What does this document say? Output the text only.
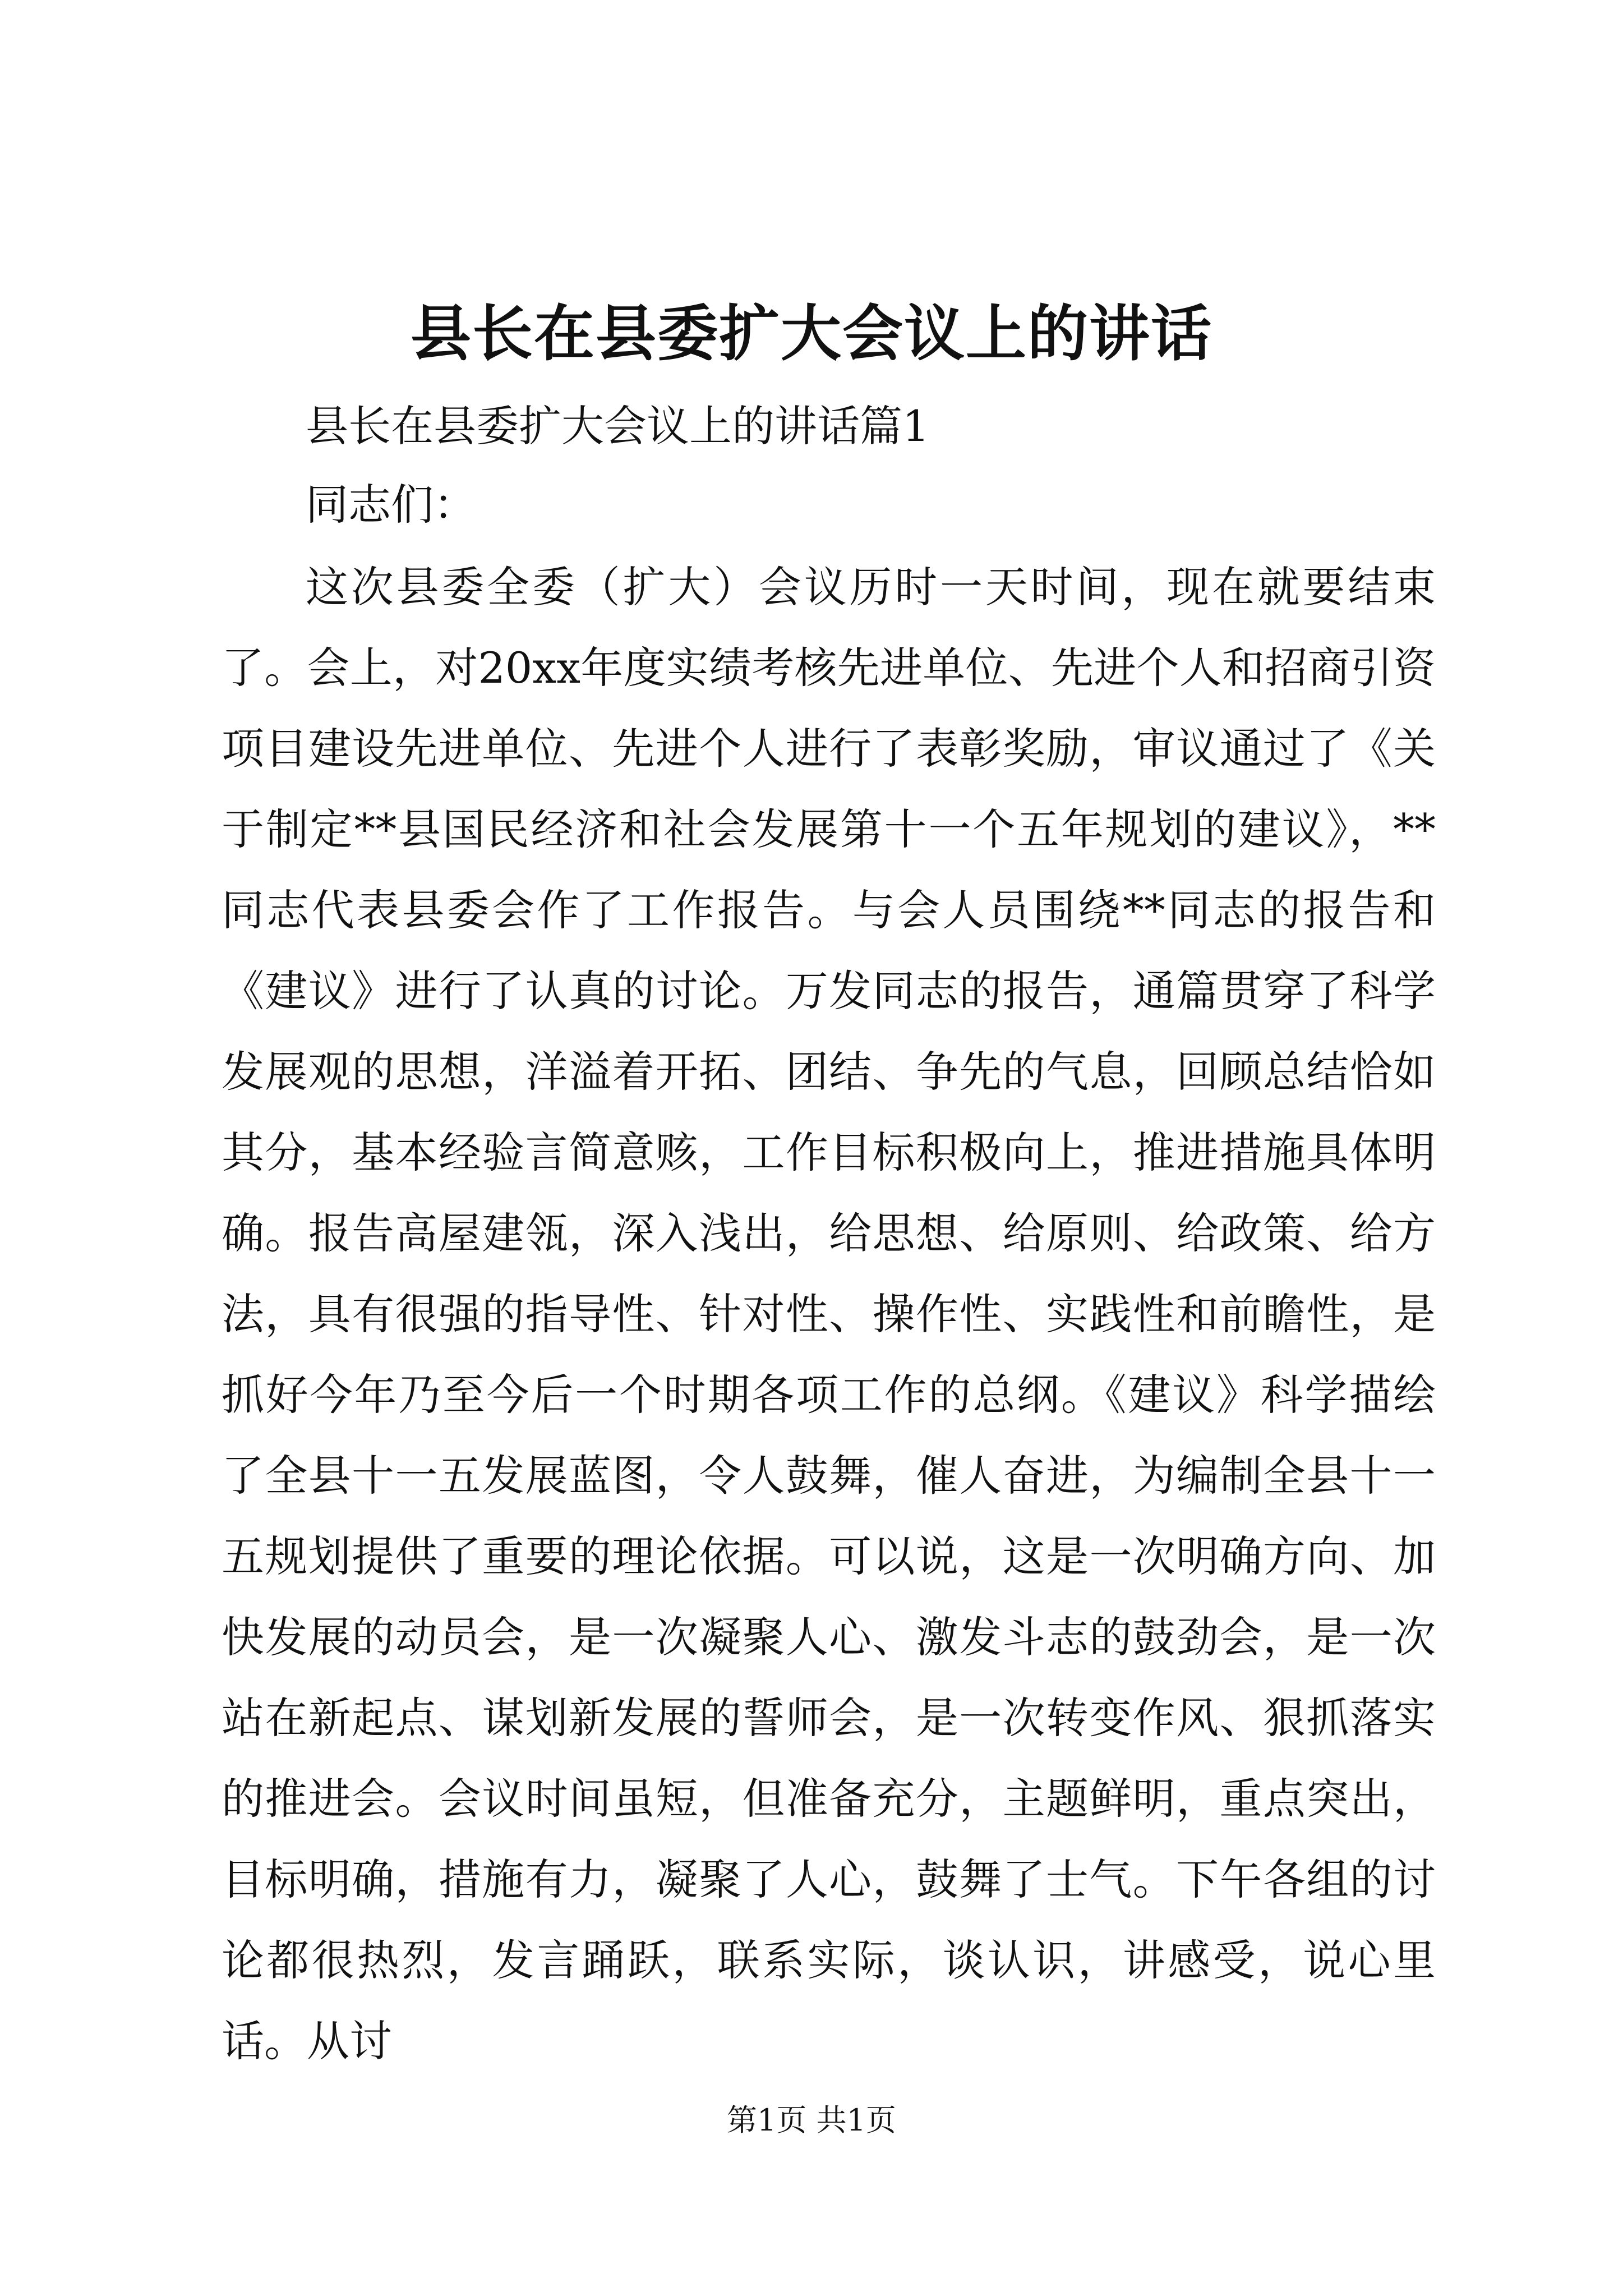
县长在县委扩大会议上的讲话

县长在县委扩大会议上的讲话篇1

同志们：

这次县委全委（扩大）会议历时一天时间，现在就要结束了。会上，对20xx年度实绩考核先进单位、先进个人和招商引资项目建设先进单位、先进个人进行了表彰奖励，审议通过了《关于制定**县国民经济和社会发展第十一个五年规划的建议》，**同志代表县委会作了工作报告。与会人员围绕**同志的报告和《建议》进行了认真的讨论。万发同志的报告，通篇贯穿了科学发展观的思想，洋溢着开拓、团结、争先的气息，回顾总结恰如其分，基本经验言简意赅，工作目标积极向上，推进措施具体明确。报告高屋建瓴，深入浅出，给思想、给原则、给政策、给方法，具有很强的指导性、针对性、操作性、实践性和前瞻性，是抓好今年乃至今后一个时期各项工作的总纲。《建议》科学描绘了全县十一五发展蓝图，令人鼓舞，催人奋进，为编制全县十一五规划提供了重要的理论依据。可以说，这是一次明确方向、加快发展的动员会，是一次凝聚人心、激发斗志的鼓劲会，是一次站在新起点、谋划新发展的誓师会，是一次转变作风、狠抓落实的推进会。会议时间虽短，但准备充分，主题鲜明，重点突出，目标明确，措施有力，凝聚了人心，鼓舞了士气。下午各组的讨论都很热烈，发言踊跃，联系实际，谈认识，讲感受，说心里话。从讨

第1页 共1页
